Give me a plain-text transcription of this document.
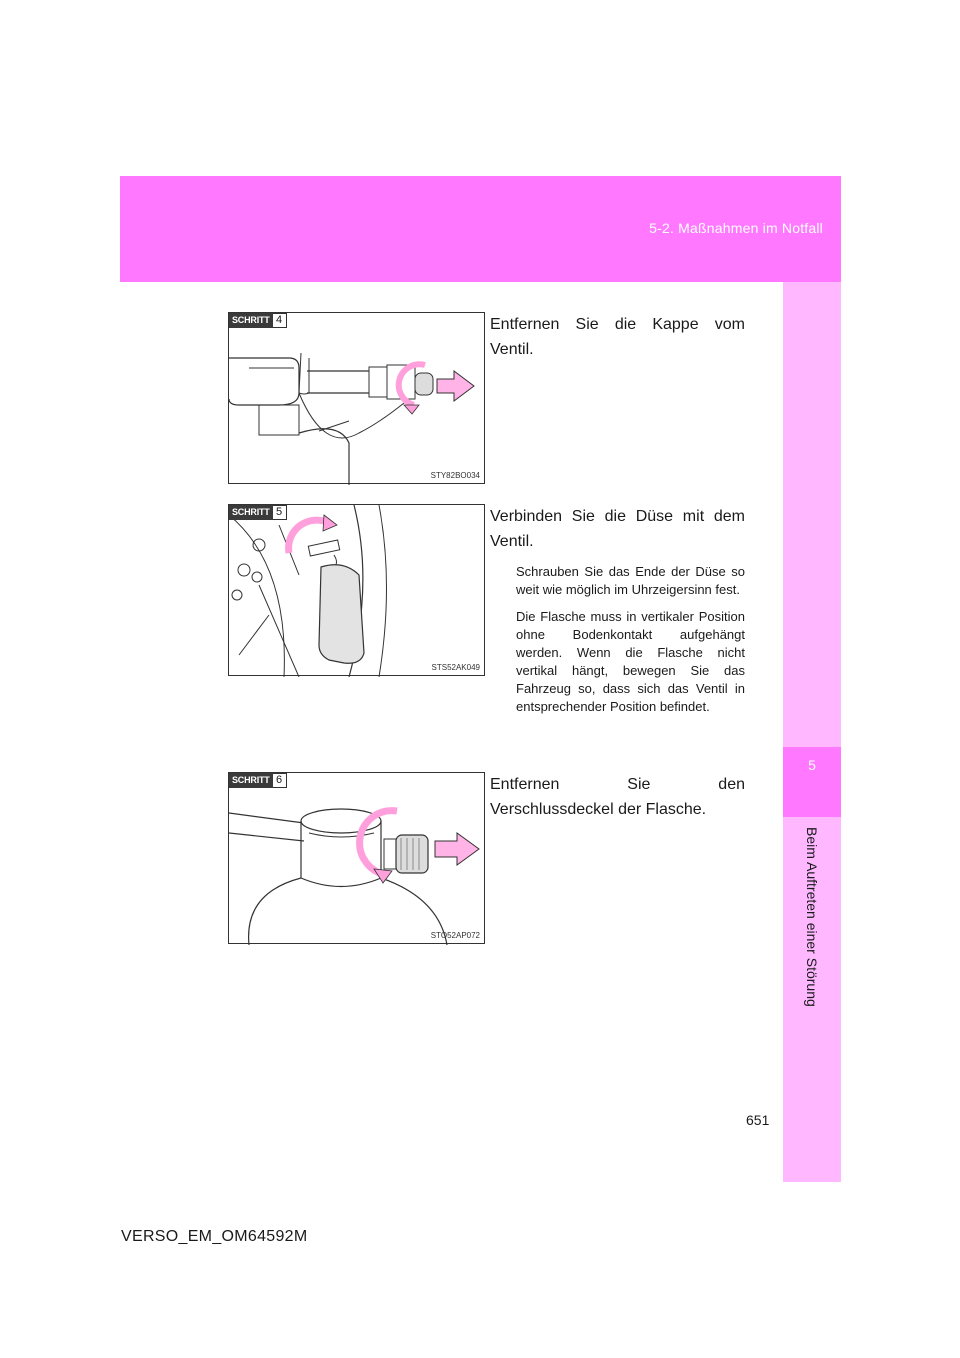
5-2. Maßnahmen im Notfall
5
Beim Auftreten einer Störung
SCHRITT 4
STY82BO034

Entfernen Sie die Kappe vom Ventil.

SCHRITT 5
STS52AK049

Verbinden Sie die Düse mit dem Ventil.

Schrauben Sie das Ende der Düse so weit wie möglich im Uhrzeigersinn fest.

Die Flasche muss in vertikaler Position ohne Bodenkontakt aufgehängt werden. Wenn die Flasche nicht vertikal hängt, bewegen Sie das Fahrzeug so, dass sich das Ventil in entsprechender Position befindet.

SCHRITT 6
STO52AP072

Entfernen Sie den Verschlussdeckel der Flasche.

651
VERSO_EM_OM64592M
